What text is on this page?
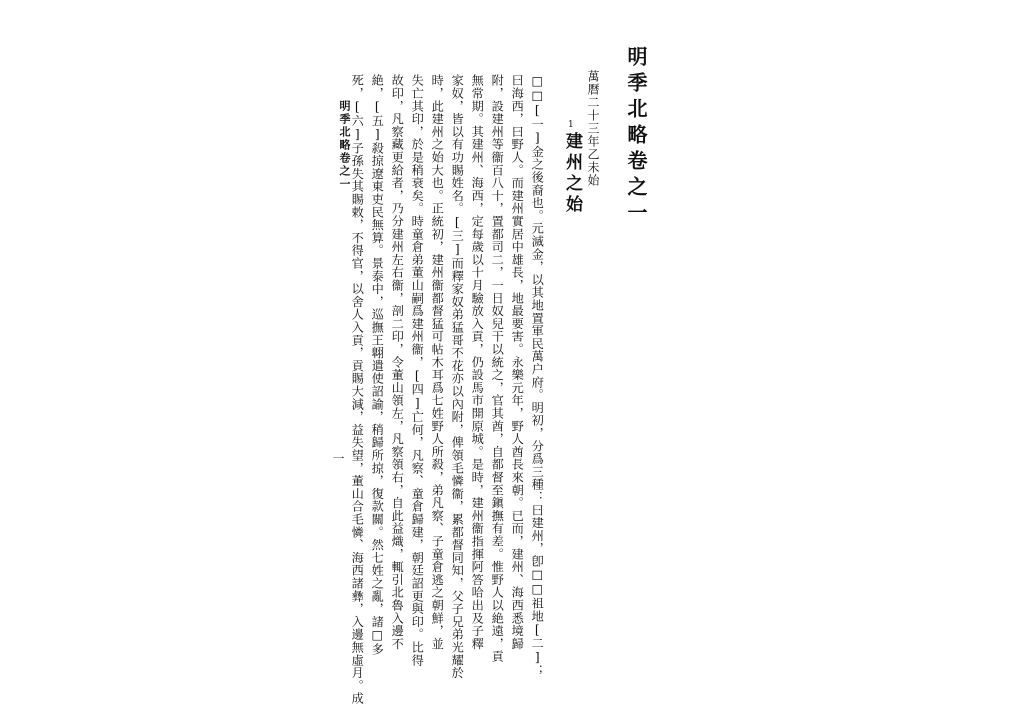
明季北略卷之一
萬曆二十三年乙未始
1
建州之始
□□[一]金之後裔也。元滅金，以其地置軍民萬户府。明初，分爲三種：曰建州，卽□□祖地[二]；
曰海西，曰野人。而建州實居中雄長，地最要害。永樂元年，野人酋長來朝。已而，建州、海西悉境歸
附，設建州等衞百八十，置都司二，一日奴兒干以統之，官其酋，自都督至鎭撫有差。惟野人以絶遠，貢
無常期。其建州、海西，定每歲以十月驗放入貢，仍設馬市開原城。是時，建州衞指揮阿答哈出及子釋
家奴，皆以有功賜姓名。[三]而釋家奴弟猛哥不花亦以內附，俾領毛憐衞，累都督同知，父子兄弟光耀於
時，此建州之始大也。正統初，建州衞都督猛可帖木耳爲七姓野人所殺，弟凡察、子童倉逃之朝鮮，並
失亡其印，於是稍衰矣。時童倉弟董山嗣爲建州衞，[四]亡何，凡察、童倉歸建，朝廷詔更與印。比得
故印，凡察藏更給者，乃分建州左右衞，剖二印，令董山領左，凡察領右，自此益熾，輒引北魯入邊不
絶，[五]殺掠遼東吏民無算。景泰中，巡撫王翺遣使詔諭，稍歸所掠，復款關。然七姓之亂，諸□多
死，[六]子孫失其賜敕，不得官，以舍人入貢，貢賜大減，益失望，董山合毛憐、海西諸彝，入邊無虛月。成
明季北略卷之一
一
